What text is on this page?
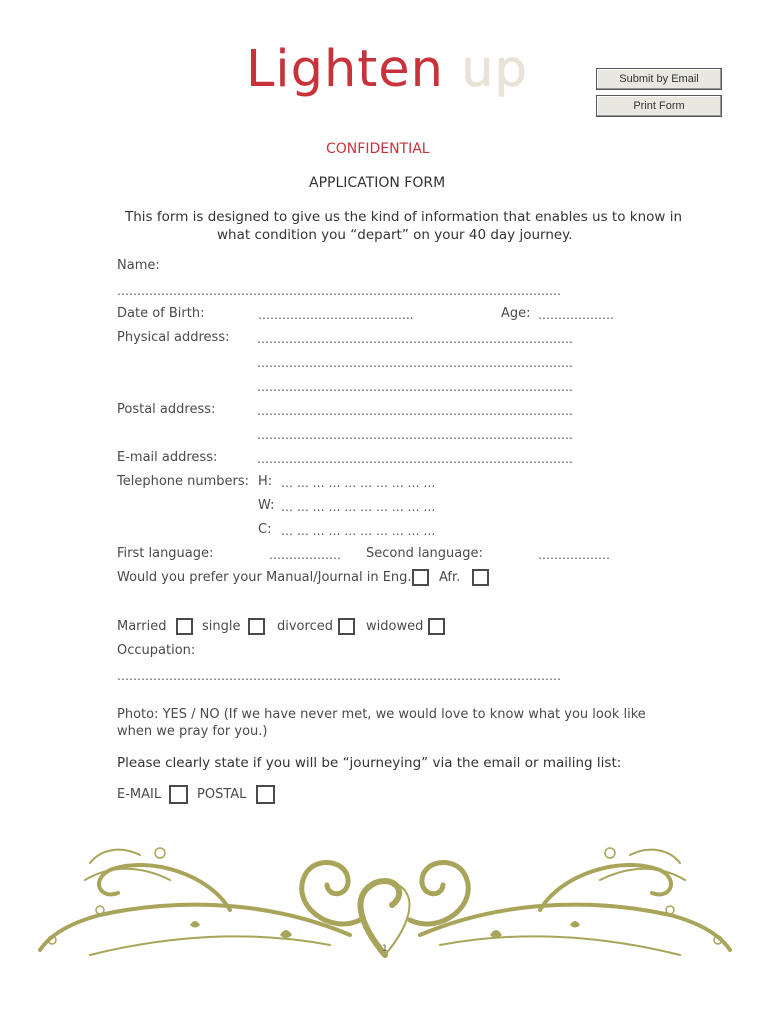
Lighten up	Submit by Email
Print Form
CONFIDENTIAL
APPLICATION FORM
This form is designed to give us the kind of information that enables us to know in
what condition you “depart” on your 40 day journey.
Name:
…………………………………………………………………………………………………
Date of Birth:	………………………………...	Age: ……………….
Physical address: …………………………………………………………………….
…………………………………………………………………….
…………………………………………………………………….
Postal address:	…………………………………………………………………….
…………………………………………………………………….
E-mail address:	…………………………………………………………………….
Telephone numbers: H: … … … … … … … … … …
W: … … … … … … … … … …
C: … … … … … … … … … …
First language:	……………… Second language:	………………
Would you prefer your Manual/Journal in Eng. Afr.
Married	single	divorced	widowed
Occupation:
…………………………………………………………………………………………………
Photo: YES / NO (If we have never met, we would love to know what you look like
when we pray for you.)
Please clearly state if you will be “journeying” via the email or mailing list:
E-MAIL	POSTAL
1
